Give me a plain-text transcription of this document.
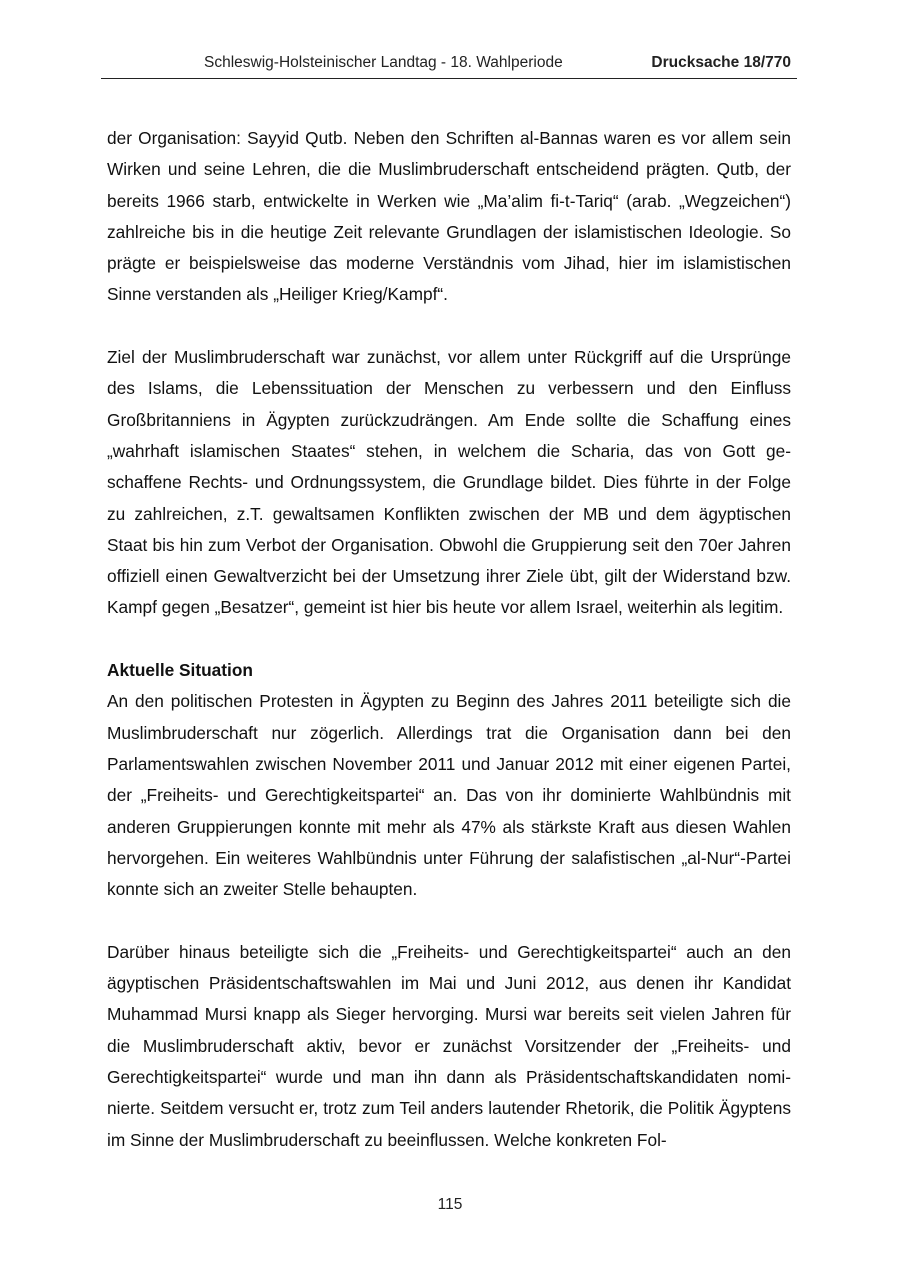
Schleswig-Holsteinischer Landtag - 18. Wahlperiode	Drucksache 18/770

der Organisation: Sayyid Qutb. Neben den Schriften al-Bannas waren es vor allem sein Wirken und seine Lehren, die die Muslimbruderschaft entscheidend prägten. Qutb, der bereits 1966 starb, entwickelte in Werken wie „Ma’alim fi-t-Tariq“ (arab. „Wegzeichen“) zahlreiche bis in die heutige Zeit relevante Grundlagen der islamistischen Ideologie. So prägte er beispielsweise das moderne Verständnis vom Jihad, hier im islamistischen Sinne verstanden als „Heiliger Krieg/Kampf“.

Ziel der Muslimbruderschaft war zunächst, vor allem unter Rückgriff auf die Ursprünge des Islams, die Lebenssituation der Menschen zu verbessern und den Einfluss Großbritanniens in Ägypten zurückzudrängen. Am Ende sollte die Schaffung eines „wahrhaft islamischen Staates“ stehen, in welchem die Scharia, das von Gott geschaffene Rechts- und Ordnungssystem, die Grundlage bildet. Dies führte in der Folge zu zahlreichen, z.T. gewaltsamen Konflikten zwischen der MB und dem ägyptischen Staat bis hin zum Verbot der Organisation. Obwohl die Gruppierung seit den 70er Jahren offiziell einen Gewaltverzicht bei der Umsetzung ihrer Ziele übt, gilt der Widerstand bzw. Kampf gegen „Besatzer“, gemeint ist hier bis heute vor allem Israel, weiterhin als legitim.

Aktuelle Situation

An den politischen Protesten in Ägypten zu Beginn des Jahres 2011 beteiligte sich die Muslimbruderschaft nur zögerlich. Allerdings trat die Organisation dann bei den Parlamentswahlen zwischen November 2011 und Januar 2012 mit einer eigenen Partei, der „Freiheits- und Gerechtigkeitspartei“ an. Das von ihr dominierte Wahlbündnis mit anderen Gruppierungen konnte mit mehr als 47% als stärkste Kraft aus diesen Wahlen hervorgehen. Ein weiteres Wahlbündnis unter Führung der salafistischen „al-Nur“-Partei konnte sich an zweiter Stelle behaupten.

Darüber hinaus beteiligte sich die „Freiheits- und Gerechtigkeitspartei“ auch an den ägyptischen Präsidentschaftswahlen im Mai und Juni 2012, aus denen ihr Kandidat Muhammad Mursi knapp als Sieger hervorging. Mursi war bereits seit vielen Jahren für die Muslimbruderschaft aktiv, bevor er zunächst Vorsitzender der „Freiheits- und Gerechtigkeitspartei“ wurde und man ihn dann als Präsidentschaftskandidaten nominierte. Seitdem versucht er, trotz zum Teil anders lautender Rhetorik, die Politik Ägyptens im Sinne der Muslimbruderschaft zu beeinflussen. Welche konkreten Fol-

115
